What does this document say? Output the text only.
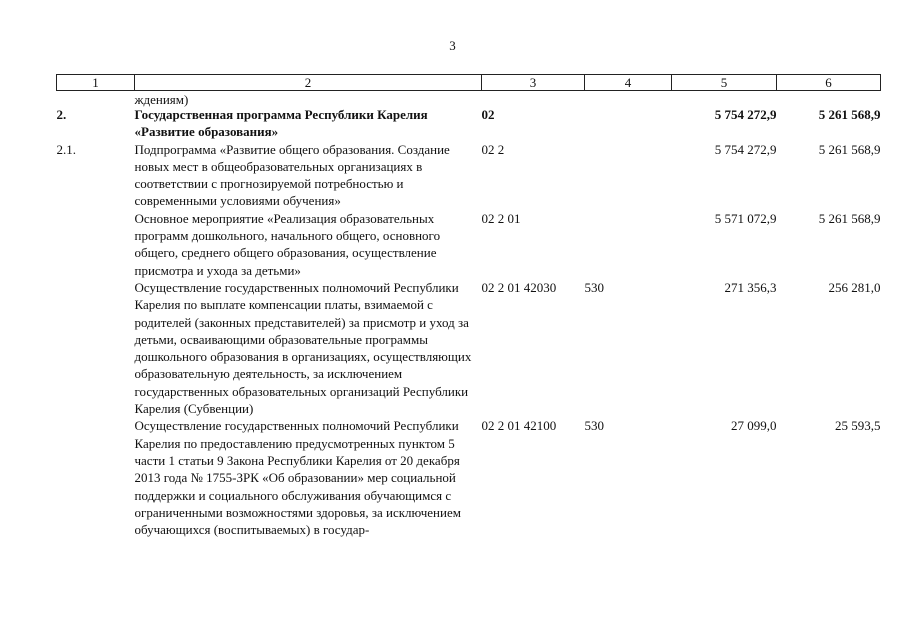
3
1	2	3	4	5	6
	ждениям)				
2.	Государственная программа Республики Карелия «Развитие образования»	02		5 754 272,9	5 261 568,9
2.1.	Подпрограмма «Развитие общего образования. Создание новых мест в общеобразовательных организациях в соответствии с прогнозируемой потребностью и современными условиями обучения»	02 2		5 754 272,9	5 261 568,9
	Основное мероприятие «Реализация образовательных программ дошкольного, начального общего, основного общего, среднего общего образования, осуществление присмотра и ухода за детьми»	02 2 01		5 571 072,9	5 261 568,9
	Осуществление государственных полномочий Республики Карелия по выплате компенсации платы, взимаемой с родителей (законных представителей) за присмотр и уход за детьми, осваивающими образовательные программы дошкольного образования в организациях, осуществляющих образовательную деятельность, за исключением государственных образовательных организаций Республики Карелия (Субвенции)	02 2 01 42030	530	271 356,3	256 281,0
	Осуществление государственных полномочий Республики Карелия по предоставлению предусмотренных пунктом 5 части 1 статьи 9 Закона Республики Карелия от 20 декабря 2013 года № 1755-ЗРК «Об образовании» мер социальной поддержки и социального обслуживания обучающимся с ограниченными возможностями здоровья, за исключением обучающихся (воспитываемых) в государ-	02 2 01 42100	530	27 099,0	25 593,5
